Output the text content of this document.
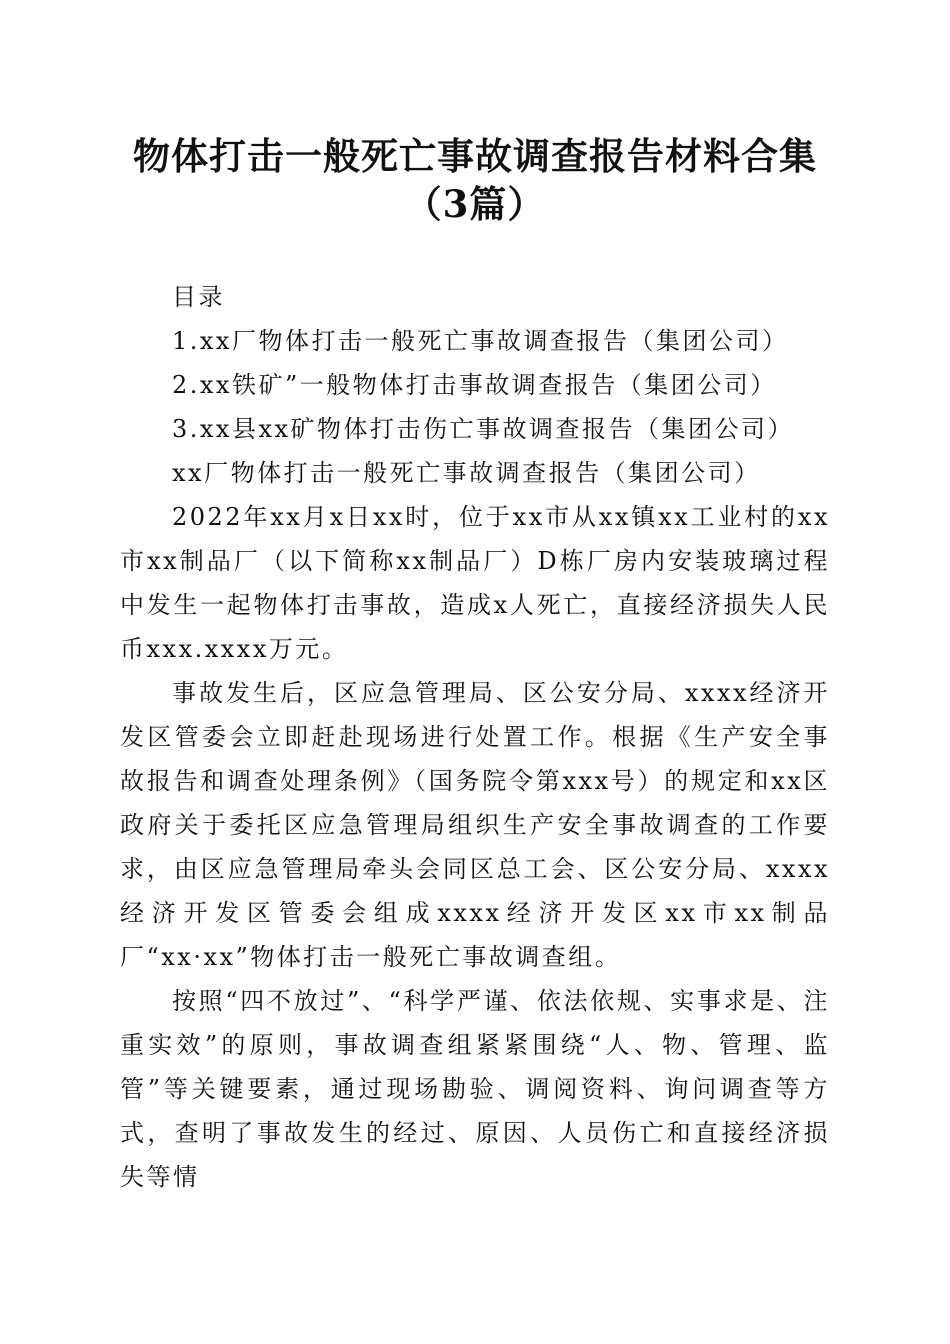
物体打击一般死亡事故调查报告材料合集（3篇）

目录

1.xx厂物体打击一般死亡事故调查报告（集团公司）

2.xx铁矿”一般物体打击事故调查报告（集团公司）

3.xx县xx矿物体打击伤亡事故调查报告（集团公司）

xx厂物体打击一般死亡事故调查报告（集团公司）

2022年xx月x日xx时，位于xx市从xx镇xx工业村的xx市xx制品厂（以下简称xx制品厂）D栋厂房内安装玻璃过程中发生一起物体打击事故，造成x人死亡，直接经济损失人民币xxx.xxxx万元。

事故发生后，区应急管理局、区公安分局、xxxx经济开发区管委会立即赶赴现场进行处置工作。根据《生产安全事故报告和调查处理条例》（国务院令第xxx号）的规定和xx区政府关于委托区应急管理局组织生产安全事故调查的工作要求，由区应急管理局牵头会同区总工会、区公安分局、xxxx经济开发区管委会组成xxxx经济开发区xx市xx制品厂“xx·xx”物体打击一般死亡事故调查组。

按照“四不放过”、“科学严谨、依法依规、实事求是、注重实效”的原则，事故调查组紧紧围绕“人、物、管理、监管”等关键要素，通过现场勘验、调阅资料、询问调查等方式，查明了事故发生的经过、原因、人员伤亡和直接经济损失等情
